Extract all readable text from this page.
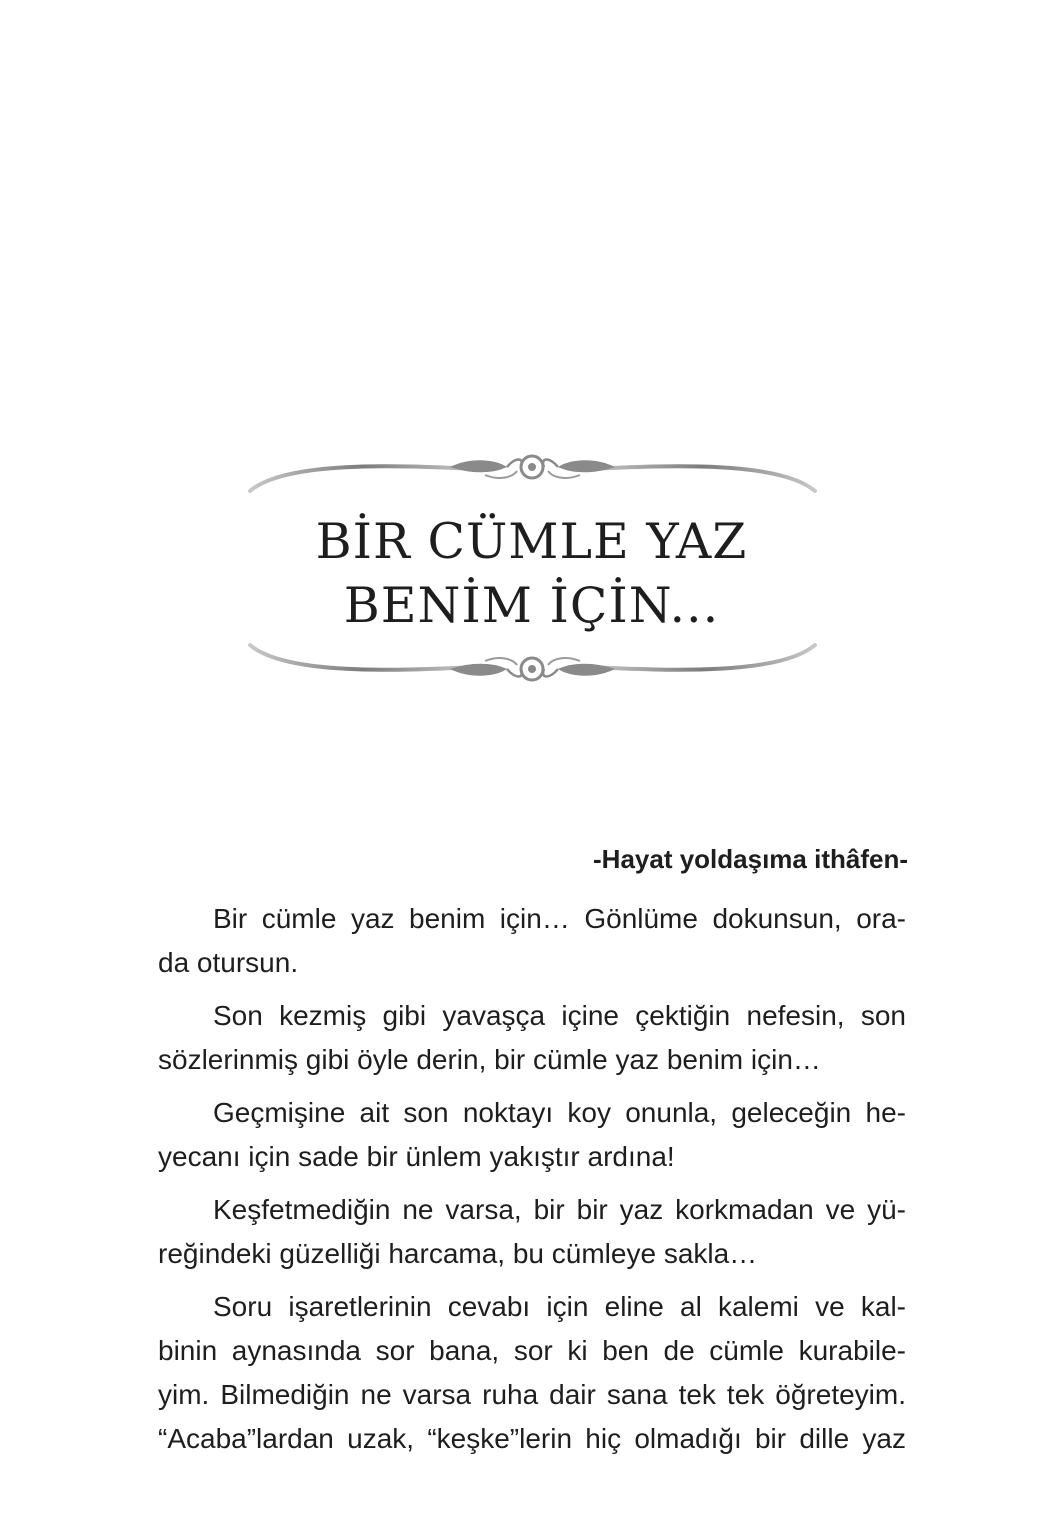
BİR CÜMLE YAZ
BENİM İÇİN...
-Hayat yoldaşıma ithâfen-
Bir cümle yaz benim için… Gönlüme dokunsun, ora-
da otursun.
Son kezmiş gibi yavaşça içine çektiğin nefesin, son
sözlerinmiş gibi öyle derin, bir cümle yaz benim için…
Geçmişine ait son noktayı koy onunla, geleceğin he-
yecanı için sade bir ünlem yakıştır ardına!
Keşfetmediğin ne varsa, bir bir yaz korkmadan ve yü-
reğindeki güzelliği harcama, bu cümleye sakla…
Soru işaretlerinin cevabı için eline al kalemi ve kal-
binin aynasında sor bana, sor ki ben de cümle kurabile-
yim. Bilmediğin ne varsa ruha dair sana tek tek öğreteyim.
“Acaba”lardan uzak, “keşke”lerin hiç olmadığı bir dille yaz
